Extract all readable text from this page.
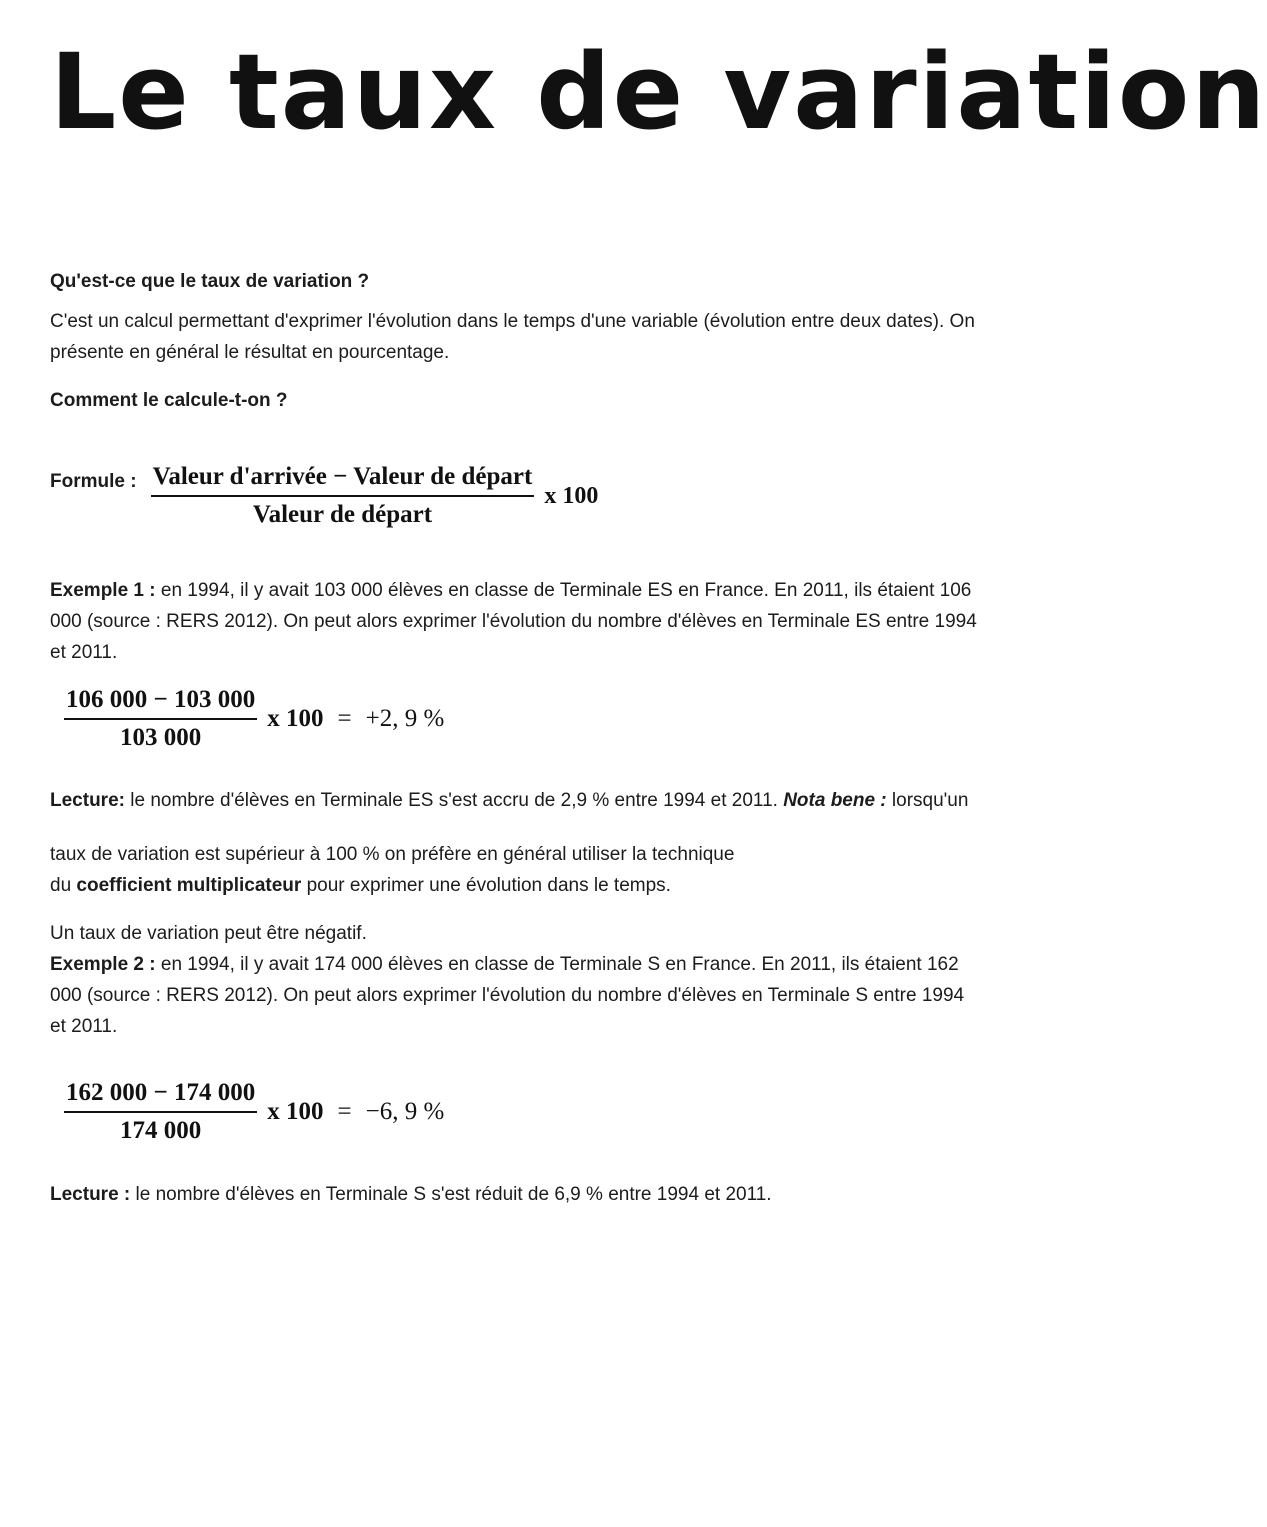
Le taux de variation
Qu'est-ce que le taux de variation ?
C'est un calcul permettant d'exprimer l'évolution dans le temps d'une variable (évolution entre deux dates). On
présente en général le résultat en pourcentage.
Comment le calcule-t-on ?
Formule : $\frac{\text{Valeur d'arrivée − Valeur de départ}}{\text{Valeur de départ}}$ x 100
Exemple 1 : en 1994, il y avait 103 000 élèves en classe de Terminale ES en France. En 2011, ils étaient 106
000 (source : RERS 2012). On peut alors exprimer l'évolution du nombre d'élèves en Terminale ES entre 1994
et 2011.
$\frac{106 000 - 103 000}{103 000}$ x 100 = +2, 9 %
Lecture: le nombre d'élèves en Terminale ES s'est accru de 2,9 % entre 1994 et 2011. Nota bene : lorsqu'un
taux de variation est supérieur à 100 % on préfère en général utiliser la technique
du coefficient multiplicateur pour exprimer une évolution dans le temps.
Un taux de variation peut être négatif.
Exemple 2 : en 1994, il y avait 174 000 élèves en classe de Terminale S en France. En 2011, ils étaient 162
000 (source : RERS 2012). On peut alors exprimer l'évolution du nombre d'élèves en Terminale S entre 1994
et 2011.
$\frac{162 000 - 174 000}{174 000}$ x 100 = −6, 9 %
Lecture : le nombre d'élèves en Terminale S s'est réduit de 6,9 % entre 1994 et 2011.
